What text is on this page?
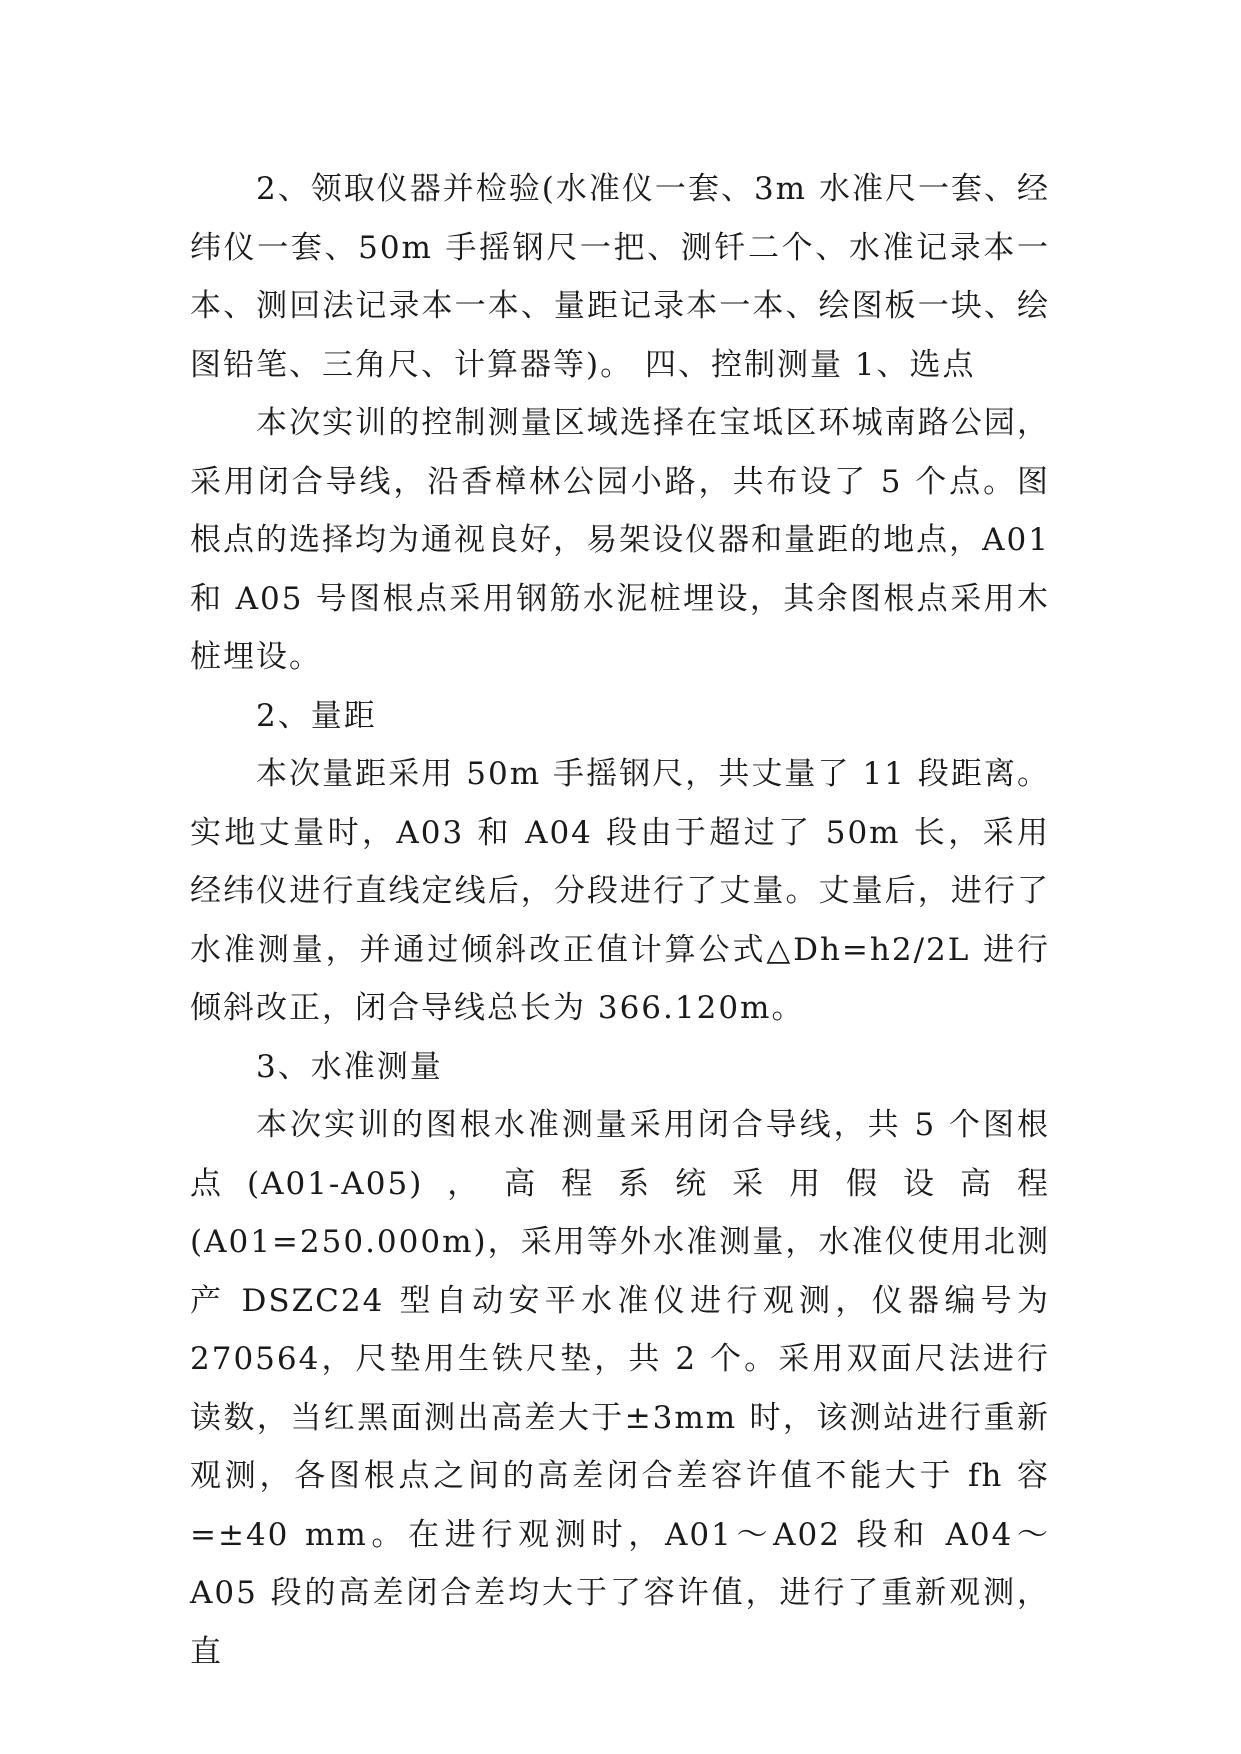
2、领取仪器并检验(水准仪一套、3m 水准尺一套、经纬仪一套、50m 手摇钢尺一把、测钎二个、水准记录本一本、测回法记录本一本、量距记录本一本、绘图板一块、绘图铅笔、三角尺、计算器等)。 四、控制测量 1、选点

本次实训的控制测量区域选择在宝坻区环城南路公园，采用闭合导线，沿香樟林公园小路，共布设了 5 个点。图根点的选择均为通视良好，易架设仪器和量距的地点，A01 和 A05 号图根点采用钢筋水泥桩埋设，其余图根点采用木桩埋设。

2、量距

本次量距采用 50m 手摇钢尺，共丈量了 11 段距离。实地丈量时，A03 和 A04 段由于超过了 50m 长，采用经纬仪进行直线定线后，分段进行了丈量。丈量后，进行了水准测量，并通过倾斜改正值计算公式△Dh=h2/2L 进行倾斜改正，闭合导线总长为 366.120m。

3、水准测量

本次实训的图根水准测量采用闭合导线，共 5 个图根点(A01-A05)，高程系统采用假设高程(A01=250.000m)，采用等外水准测量，水准仪使用北测产 DSZC24 型自动安平水准仪进行观测，仪器编号为 270564，尺垫用生铁尺垫，共 2 个。采用双面尺法进行读数，当红黑面测出高差大于±3mm 时，该测站进行重新观测，各图根点之间的高差闭合差容许值不能大于 fh 容=±40 mm。在进行观测时，A01～A02 段和 A04～A05 段的高差闭合差均大于了容许值，进行了重新观测，直
